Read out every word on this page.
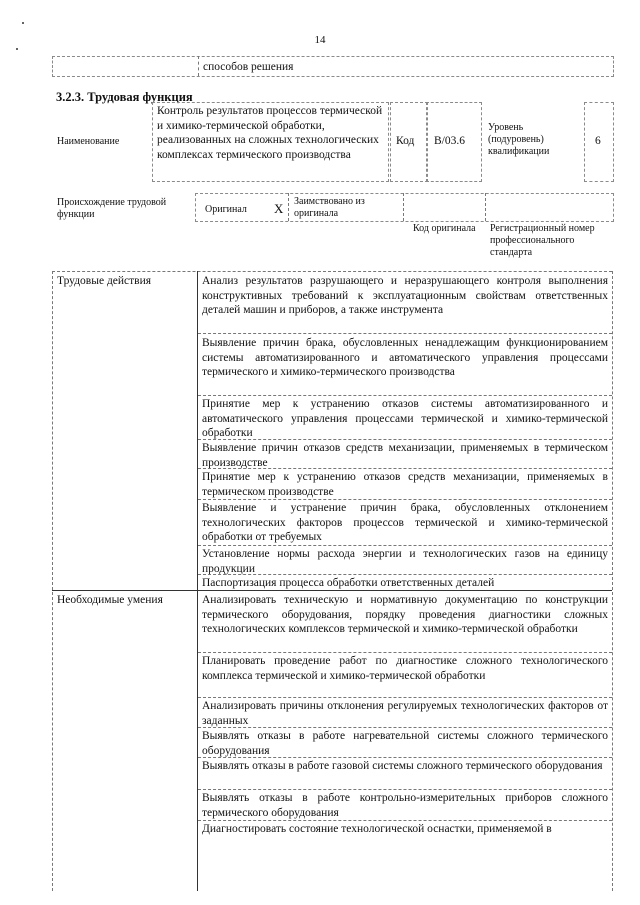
14
способов решения
3.2.3. Трудовая функция
Наименование
Контроль результатов процессов термической и химико-термической обработки, реализованных на сложных технологических комплексах термического производства
Код B/03.6
Уровень (подуровень) квалификации
6
Происхождение трудовой функции	Оригинал X Заимствовано из оригинала
Код оригинала Регистрационный номер профессионального стандарта
Трудовые действия	Анализ результатов разрушающего и неразрушающего контроля выполнения конструктивных требований к эксплуатационным свойствам ответственных деталей машин и приборов, а также инструмента
Выявление причин брака, обусловленных ненадлежащим функционированием системы автоматизированного и автоматического управления процессами термического и химико-термического производства
Принятие мер к устранению отказов системы автоматизированного и автоматического управления процессами термической и химико-термической обработки
Выявление причин отказов средств механизации, применяемых в термическом производстве
Принятие мер к устранению отказов средств механизации, применяемых в термическом производстве
Выявление и устранение причин брака, обусловленных отклонением технологических факторов процессов термической и химико-термической обработки от требуемых
Установление нормы расхода энергии и технологических газов на единицу продукции
Паспортизация процесса обработки ответственных деталей
Необходимые умения	Анализировать техническую и нормативную документацию по конструкции термического оборудования, порядку проведения диагностики сложных технологических комплексов термической и химико-термической обработки
Планировать проведение работ по диагностике сложного технологического комплекса термической и химико-термической обработки
Анализировать причины отклонения регулируемых технологических факторов от заданных
Выявлять отказы в работе нагревательной системы сложного термического оборудования
Выявлять отказы в работе газовой системы сложного термического оборудования
Выявлять отказы в работе контрольно-измерительных приборов сложного термического оборудования
Диагностировать состояние технологической оснастки, применяемой в
